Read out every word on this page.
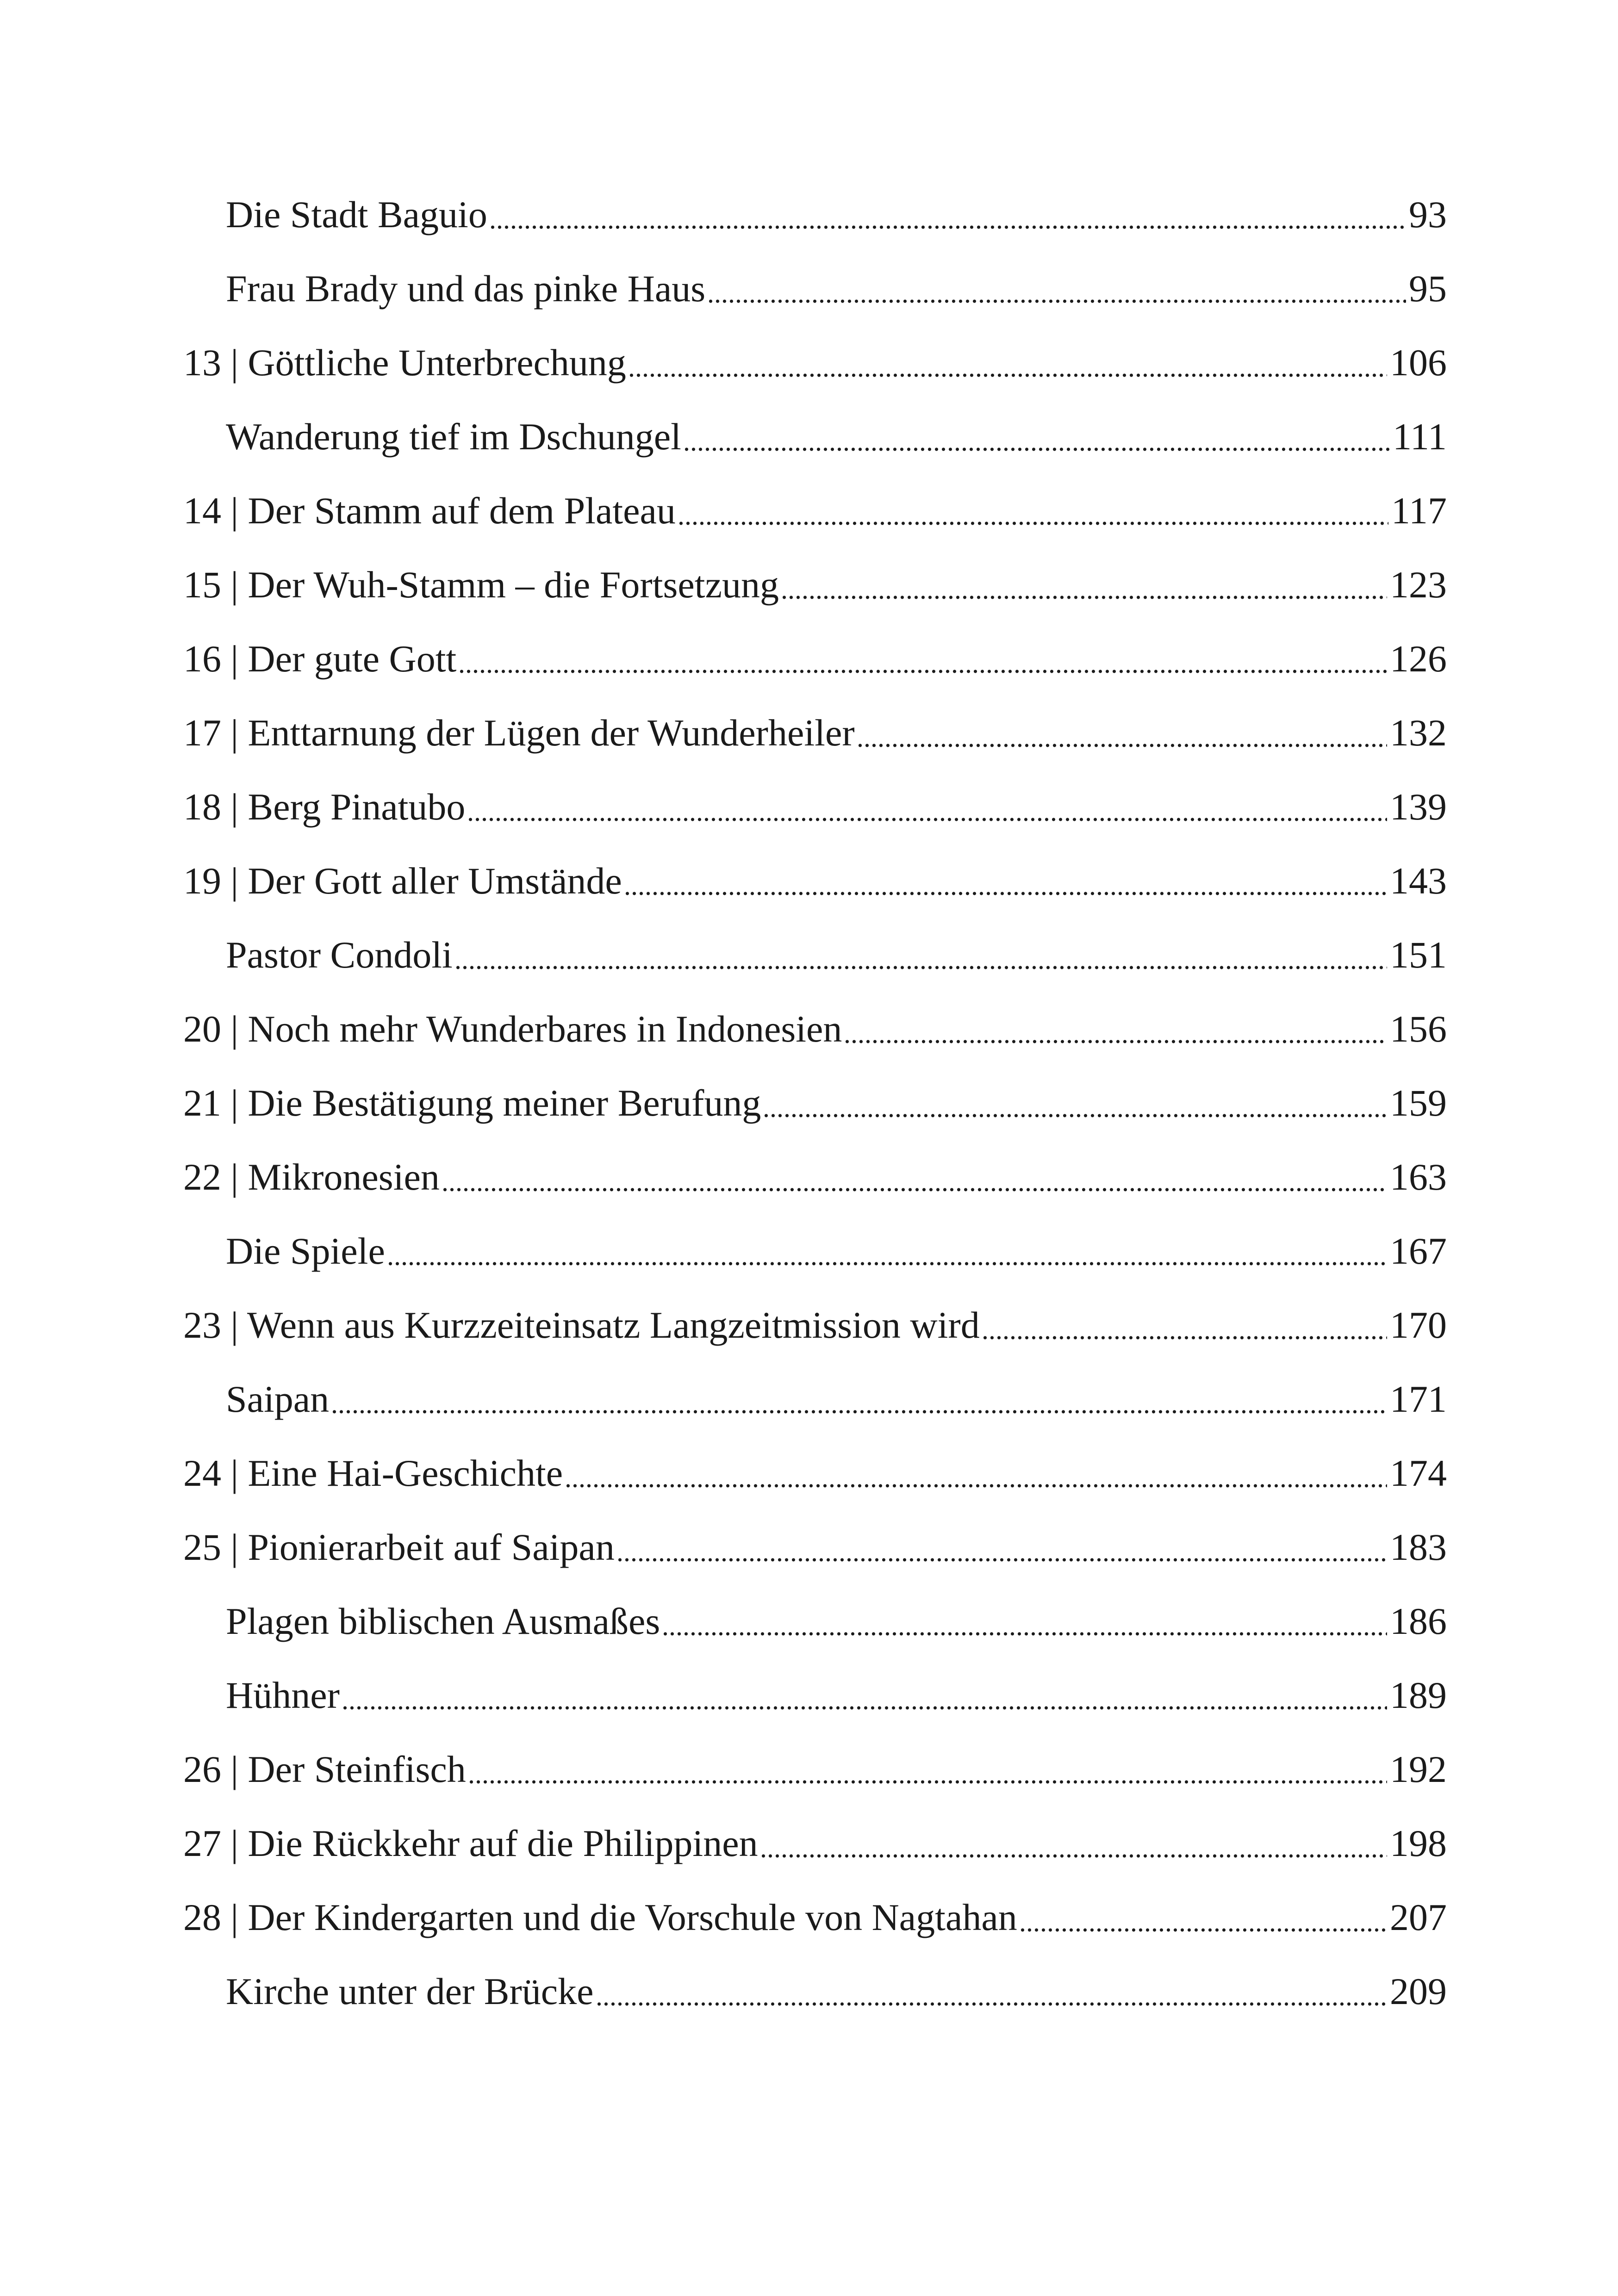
Die Stadt Baguio	93
Frau Brady und das pinke Haus	95
13 | Göttliche Unterbrechung	106
Wanderung tief im Dschungel	111
14 | Der Stamm auf dem Plateau	117
15 | Der Wuh-Stamm – die Fortsetzung	123
16 | Der gute Gott	126
17 | Enttarnung der Lügen der Wunderheiler	132
18 | Berg Pinatubo	139
19 | Der Gott aller Umstände	143
Pastor Condoli	151
20 | Noch mehr Wunderbares in Indonesien	156
21 | Die Bestätigung meiner Berufung	159
22 | Mikronesien	163
Die Spiele	167
23 | Wenn aus Kurzzeiteinsatz Langzeitmission wird	170
Saipan	171
24 | Eine Hai-Geschichte	174
25 | Pionierarbeit auf Saipan	183
Plagen biblischen Ausmaßes	186
Hühner	189
26 | Der Steinfisch	192
27 | Die Rückkehr auf die Philippinen	198
28 | Der Kindergarten und die Vorschule von Nagtahan	207
Kirche unter der Brücke	209
